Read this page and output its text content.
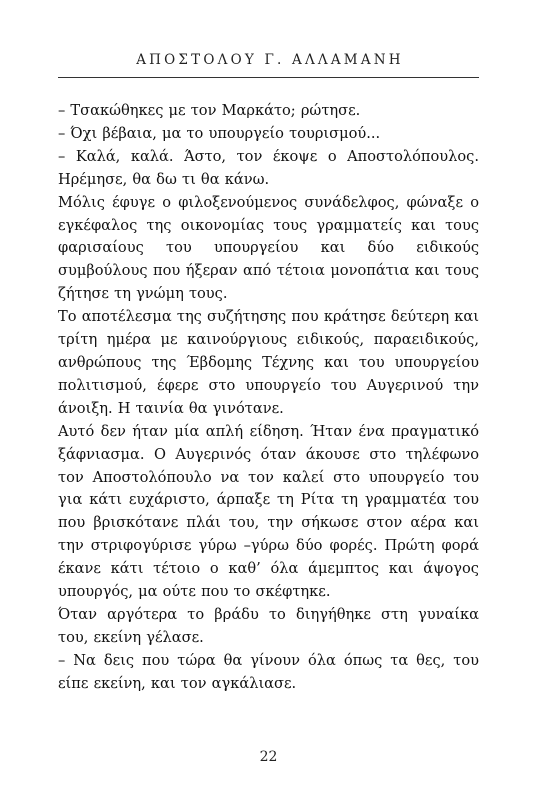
ΑΠΟΣΤΟΛΟΥ Γ. ΑΛΛΑΜΑΝΗ

– Τσακώθηκες με τον Μαρκάτο; ρώτησε.

– Όχι βέβαια, μα το υπουργείο τουρισμού...

– Καλά, καλά. Άστο, τον έκοψε ο Αποστολόπουλος. Ηρέμησε, θα δω τι θα κάνω.

Μόλις έφυγε ο φιλοξενούμενος συνάδελφος, φώναξε ο εγκέφαλος της οικονομίας τους γραμματείς και τους φαρισαίους του υπουργείου και δύο ειδικούς συμβούλους που ήξεραν από τέτοια μονοπάτια και τους ζήτησε τη γνώμη τους.

Το αποτέλεσμα της συζήτησης που κράτησε δεύτερη και τρίτη ημέρα με καινούργιους ειδικούς, παραειδικούς, ανθρώπους της Έβδομης Τέχνης και του υπουργείου πολιτισμού, έφερε στο υπουργείο του Αυγερινού την άνοιξη. Η ταινία θα γινότανε.

Αυτό δεν ήταν μία απλή είδηση. Ήταν ένα πραγματικό ξάφνιασμα. Ο Αυγερινός όταν άκουσε στο τηλέφωνο τον Αποστολόπουλο να τον καλεί στο υπουργείο του για κάτι ευχάριστο, άρπαξε τη Ρίτα τη γραμματέα του που βρισκότανε πλάι του, την σήκωσε στον αέρα και την στριφογύρισε γύρω –γύρω δύο φορές. Πρώτη φορά έκανε κάτι τέτοιο ο καθ’ όλα άμεμπτος και άψογος υπουργός, μα ούτε που το σκέφτηκε.

Όταν αργότερα το βράδυ το διηγήθηκε στη γυναίκα του, εκείνη γέλασε.

– Να δεις που τώρα θα γίνουν όλα όπως τα θες, του είπε εκείνη, και τον αγκάλιασε.

22
